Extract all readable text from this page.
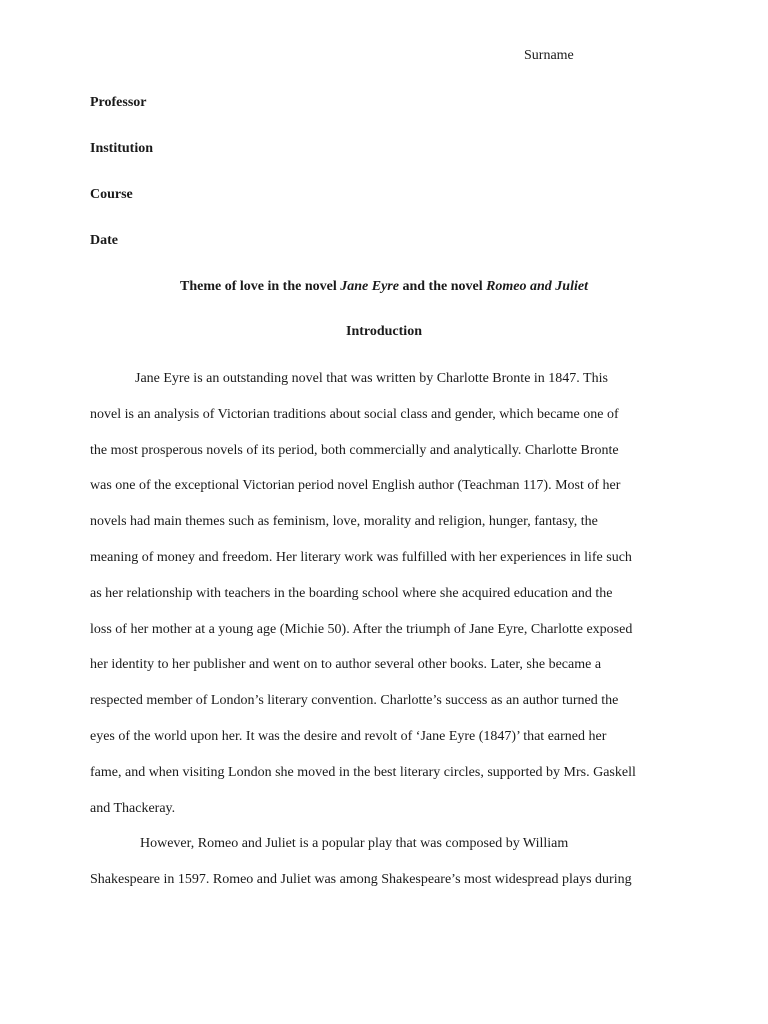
Surname
Professor
Institution
Course
Date
Theme of love in the novel Jane Eyre and the novel Romeo and Juliet
Introduction
Jane Eyre is an outstanding novel that was written by Charlotte Bronte in 1847. This
novel is an analysis of Victorian traditions about social class and gender, which became one of
the most prosperous novels of its period, both commercially and analytically. Charlotte Bronte
was one of the exceptional Victorian period novel English author (Teachman 117). Most of her
novels had main themes such as feminism, love, morality and religion, hunger, fantasy, the
meaning of money and freedom. Her literary work was fulfilled with her experiences in life such
as her relationship with teachers in the boarding school where she acquired education and the
loss of her mother at a young age (Michie 50). After the triumph of Jane Eyre, Charlotte exposed
her identity to her publisher and went on to author several other books. Later, she became a
respected member of London’s literary convention. Charlotte’s success as an author turned the
eyes of the world upon her. It was the desire and revolt of ‘Jane Eyre (1847)’ that earned her
fame, and when visiting London she moved in the best literary circles, supported by Mrs. Gaskell
and Thackeray.
However, Romeo and Juliet is a popular play that was composed by William
Shakespeare in 1597. Romeo and Juliet was among Shakespeare’s most widespread plays during
